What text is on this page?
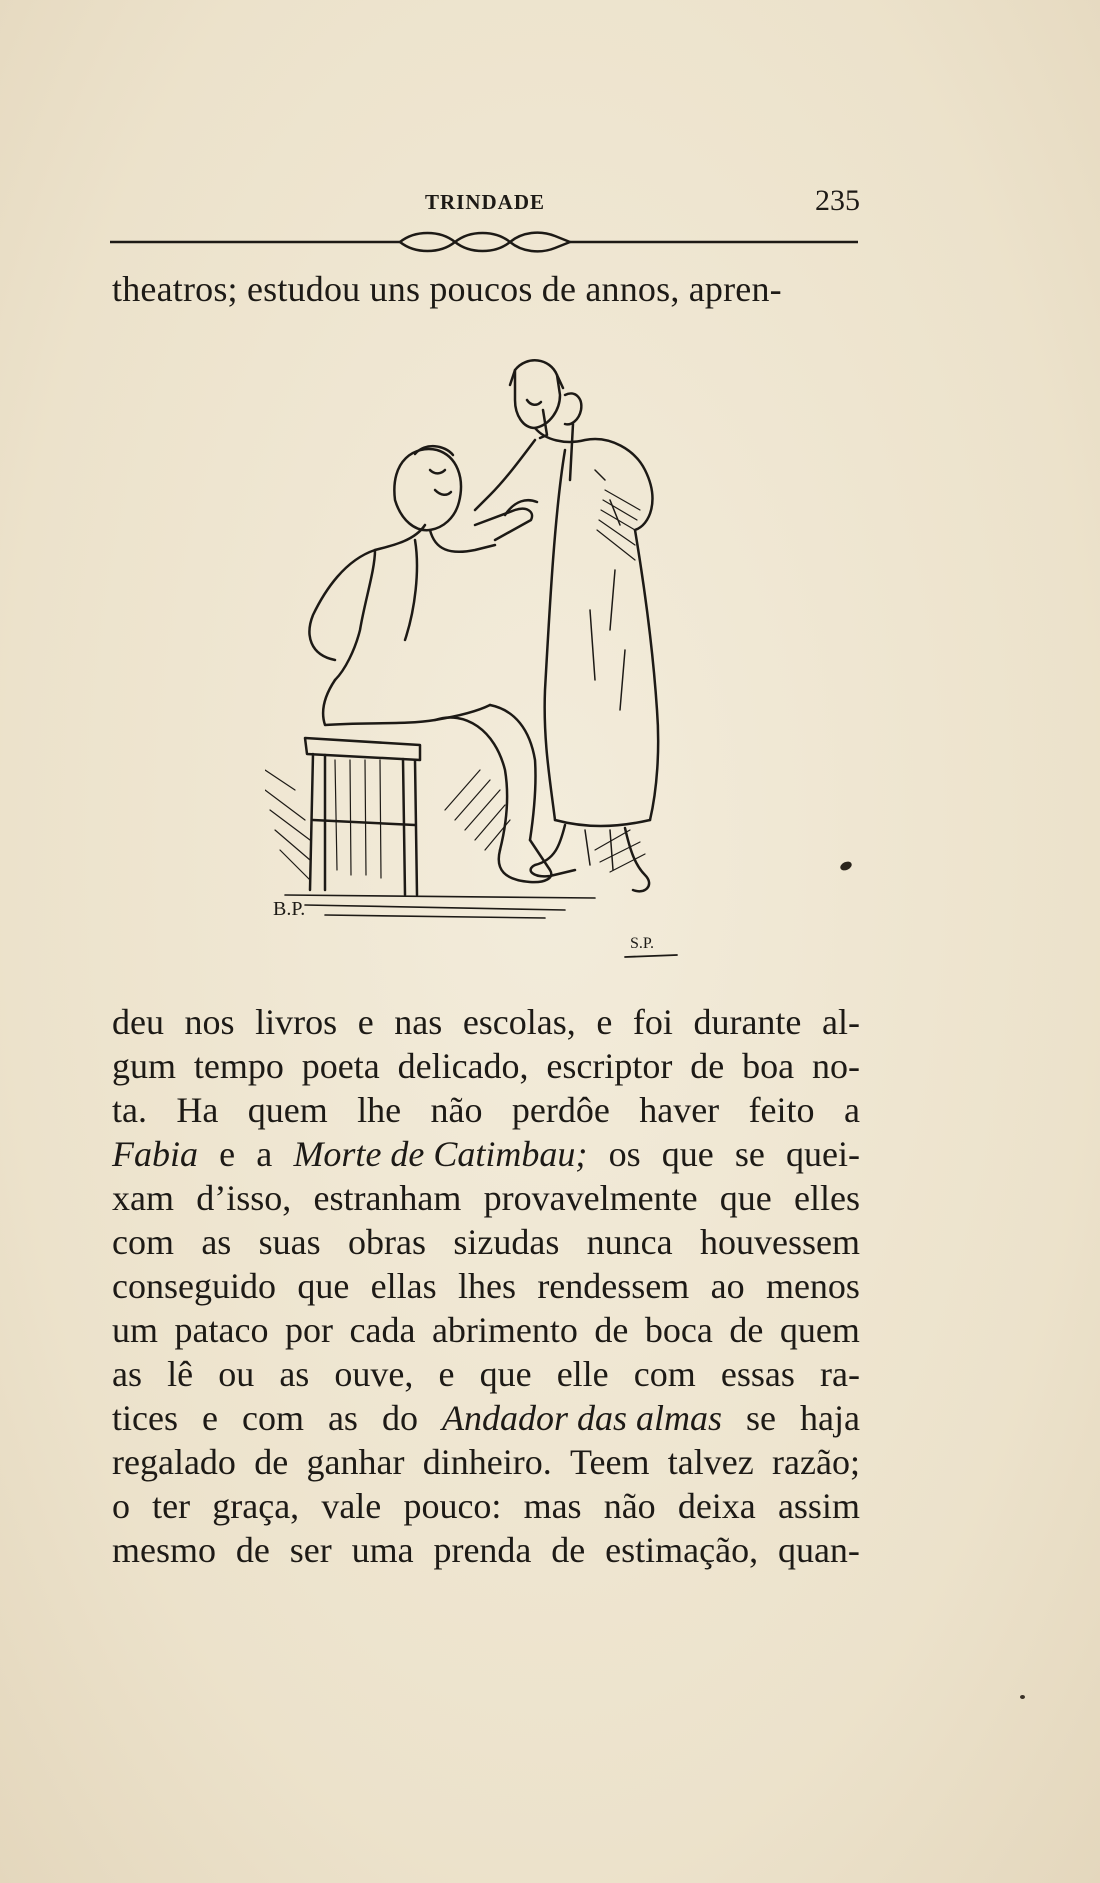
TRINDADE	235
theatros; estudou uns poucos de annos, apren-
B.P.
S.P.
deu nos livros e nas escolas, e foi durante al-
gum tempo poeta delicado, escriptor de boa no-
ta. Ha quem lhe não perdôe haver feito a
Fabia e a Morte de Catimbau; os que se quei-
xam d’isso, estranham provavelmente que elles
com as suas obras sizudas nunca houvessem
conseguido que ellas lhes rendessem ao menos
um pataco por cada abrimento de boca de quem
as lê ou as ouve, e que elle com essas ra-
tices e com as do Andador das almas se haja
regalado de ganhar dinheiro. Teem talvez razão;
o ter graça, vale pouco: mas não deixa assim
mesmo de ser uma prenda de estimação, quan-
